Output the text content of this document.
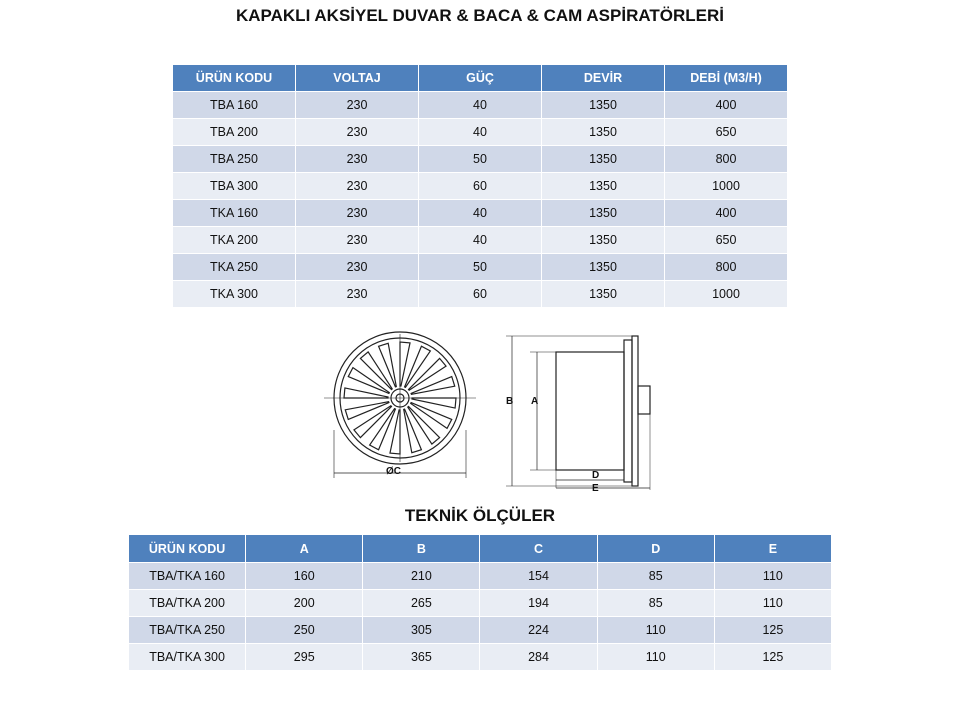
KAPAKLI AKSİYEL DUVAR & BACA & CAM ASPİRATÖRLERİ
ÜRÜN KODU	VOLTAJ	GÜÇ	DEVİR	DEBİ (M3/H)
TBA 160	230	40	1350	400
TBA 200	230	40	1350	650
TBA 250	230	50	1350	800
TBA 300	230	60	1350	1000
TKA 160	230	40	1350	400
TKA 200	230	40	1350	650
TKA 250	230	50	1350	800
TKA 300	230	60	1350	1000
ØC
B A
D
E
TEKNİK ÖLÇÜLER
ÜRÜN KODU	A	B	C	D	E
TBA/TKA 160	160	210	154	85	110
TBA/TKA 200	200	265	194	85	110
TBA/TKA 250	250	305	224	110	125
TBA/TKA 300	295	365	284	110	125
